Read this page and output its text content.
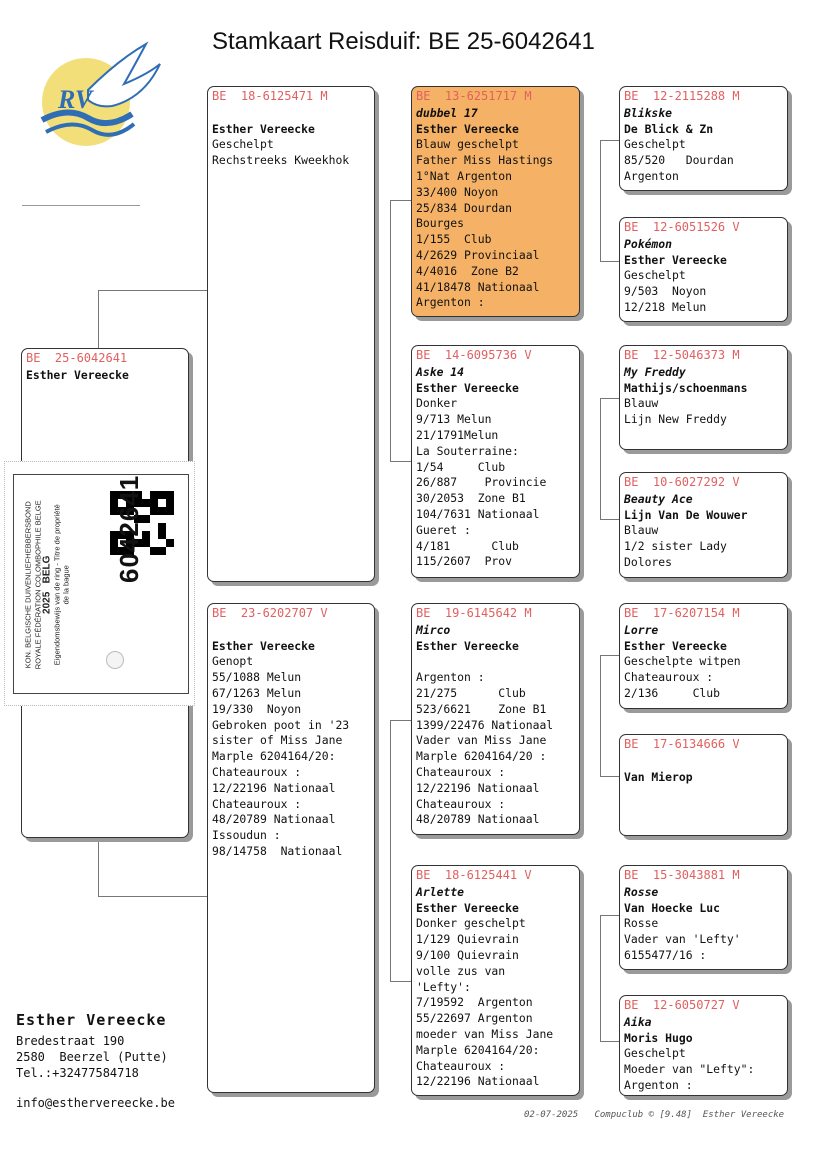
Stamkaart Reisduif: BE 25-6042641
RV
BE  25-6042641
Esther Vereecke
BE  18-6125471 M

Esther Vereecke
Geschelpt
Rechstreeks Kweekhok
BE  23-6202707 V

Esther Vereecke
Genopt
55/1088 Melun
67/1263 Melun
19/330  Noyon
Gebroken poot in '23
sister of Miss Jane
Marple 6204164/20:
Chateauroux :
12/22196 Nationaal
Chateauroux :
48/20789 Nationaal
Issoudun :
98/14758  Nationaal
BE  13-6251717 M
dubbel 17
Esther Vereecke
Blauw geschelpt
Father Miss Hastings
1°Nat Argenton
33/400 Noyon
25/834 Dourdan
Bourges
1/155  Club
4/2629 Provinciaal
4/4016  Zone B2
41/18478 Nationaal
Argenton :
BE  14-6095736 V
Aske 14
Esther Vereecke
Donker
9/713 Melun
21/1791Melun
La Souterraine:
1/54     Club
26/887    Provincie
30/2053  Zone B1
104/7631 Nationaal
Gueret :
4/181      Club
115/2607  Prov
BE  19-6145642 M
Mirco
Esther Vereecke

Argenton :
21/275      Club
523/6621    Zone B1
1399/22476 Nationaal
Vader van Miss Jane
Marple 6204164/20 :
Chateauroux :
12/22196 Nationaal
Chateauroux :
48/20789 Nationaal
BE  18-6125441 V
Arlette
Esther Vereecke
Donker geschelpt
1/129 Quievrain
9/100 Quievrain
volle zus van
'Lefty':
7/19592  Argenton
55/22697 Argenton
moeder van Miss Jane
Marple 6204164/20:
Chateauroux :
12/22196 Nationaal
BE  12-2115288 M
Blikske
De Blick & Zn
Geschelpt
85/520   Dourdan
Argenton
BE  12-6051526 V
Pokémon
Esther Vereecke
Geschelpt
9/503  Noyon
12/218 Melun
BE  12-5046373 M
My Freddy
Mathijs/schoenmans
Blauw
Lijn New Freddy
BE  10-6027292 V
Beauty Ace
Lijn Van De Wouwer
Blauw
1/2 sister Lady
Dolores
BE  17-6207154 M
Lorre
Esther Vereecke
Geschelpte witpen
Chateauroux :
2/136     Club
BE  17-6134666 V

Van Mierop
BE  15-3043881 M
Rosse
Van Hoecke Luc
Rosse
Vader van 'Lefty'
6155477/16 :
BE  12-6050727 V
Aika
Moris Hugo
Geschelpt
Moeder van "Lefty":
Argenton :
KON. BELGISCHE DUIVENLIEFHEBBERSBOND ROYALE FÉDÉRATION COLOMBOPHILE BELGE 2025   BELG Eigendomsbewijs van de ring - Titre de propriété de la bague
6042641
Esther Vereecke
Bredestraat 190
2580  Beerzel (Putte)
Tel.:+32477584718
info@esthervereecke.be
02-07-2025   Compuclub © [9.48]  Esther Vereecke
